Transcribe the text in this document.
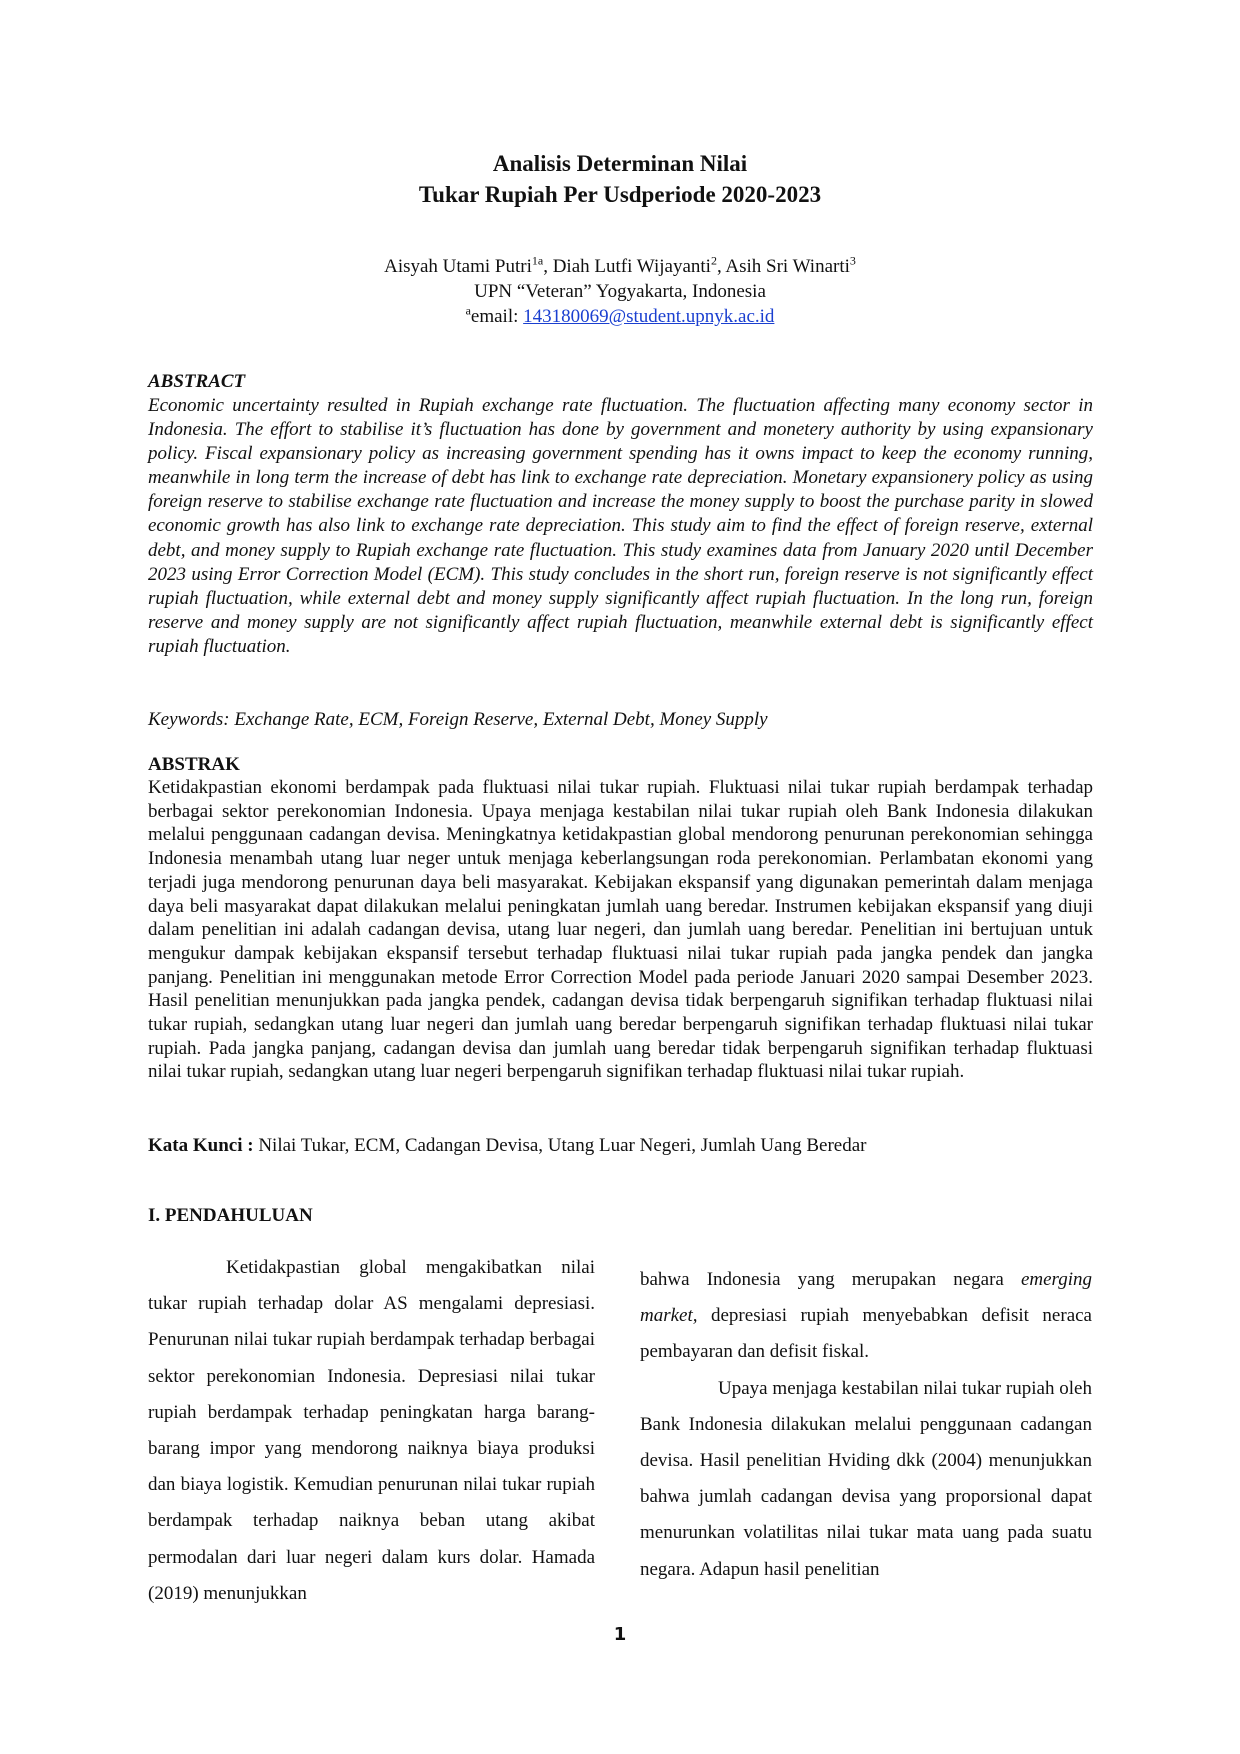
Analisis Determinan Nilai
Tukar Rupiah Per Usdperiode 2020-2023
Aisyah Utami Putri$^{1a}$, Diah Lutfi Wijayanti$^2$, Asih Sri Winarti$^3$
UPN “Veteran” Yogyakarta, Indonesia
$^a$email: 143180069@student.upnyk.ac.id
ABSTRACT
Economic uncertainty resulted in Rupiah exchange rate fluctuation. The fluctuation affecting many economy sector in Indonesia. The effort to stabilise it’s fluctuation has done by government and monetery authority by using expansionary policy. Fiscal expansionary policy as increasing government spending has it owns impact to keep the economy running, meanwhile in long term the increase of debt has link to exchange rate depreciation. Monetary expansionery policy as using foreign reserve to stabilise exchange rate fluctuation and increase the money supply to boost the purchase parity in slowed economic growth has also link to exchange rate depreciation. This study aim to find the effect of foreign reserve, external debt, and money supply to Rupiah exchange rate fluctuation. This study examines data from January 2020 until December 2023 using Error Correction Model (ECM). This study concludes in the short run, foreign reserve is not significantly effect rupiah fluctuation, while external debt and money supply significantly affect rupiah fluctuation. In the long run, foreign reserve and money supply are not significantly affect rupiah fluctuation, meanwhile external debt is significantly effect rupiah fluctuation.
Keywords: Exchange Rate, ECM, Foreign Reserve, External Debt, Money Supply
ABSTRAK
Ketidakpastian ekonomi berdampak pada fluktuasi nilai tukar rupiah. Fluktuasi nilai tukar rupiah berdampak terhadap berbagai sektor perekonomian Indonesia. Upaya menjaga kestabilan nilai tukar rupiah oleh Bank Indonesia dilakukan melalui penggunaan cadangan devisa. Meningkatnya ketidakpastian global mendorong penurunan perekonomian sehingga Indonesia menambah utang luar neger untuk menjaga keberlangsungan roda perekonomian. Perlambatan ekonomi yang terjadi juga mendorong penurunan daya beli masyarakat. Kebijakan ekspansif yang digunakan pemerintah dalam menjaga daya beli masyarakat dapat dilakukan melalui peningkatan jumlah uang beredar. Instrumen kebijakan ekspansif yang diuji dalam penelitian ini adalah cadangan devisa, utang luar negeri, dan jumlah uang beredar. Penelitian ini bertujuan untuk mengukur dampak kebijakan ekspansif tersebut terhadap fluktuasi nilai tukar rupiah pada jangka pendek dan jangka panjang. Penelitian ini menggunakan metode Error Correction Model pada periode Januari 2020 sampai Desember 2023. Hasil penelitian menunjukkan pada jangka pendek, cadangan devisa tidak berpengaruh signifikan terhadap fluktuasi nilai tukar rupiah, sedangkan utang luar negeri dan jumlah uang beredar berpengaruh signifikan terhadap fluktuasi nilai tukar rupiah. Pada jangka panjang, cadangan devisa dan jumlah uang beredar tidak berpengaruh signifikan terhadap fluktuasi nilai tukar rupiah, sedangkan utang luar negeri berpengaruh signifikan terhadap fluktuasi nilai tukar rupiah.
Kata Kunci : Nilai Tukar, ECM, Cadangan Devisa, Utang Luar Negeri, Jumlah Uang Beredar
I. PENDAHULUAN

Ketidakpastian global mengakibatkan nilai tukar rupiah terhadap dolar AS mengalami depresiasi. Penurunan nilai tukar rupiah berdampak terhadap berbagai sektor perekonomian Indonesia. Depresiasi nilai tukar rupiah berdampak terhadap peningkatan harga barang-barang impor yang mendorong naiknya biaya produksi dan biaya logistik. Kemudian penurunan nilai tukar rupiah berdampak terhadap naiknya beban utang akibat permodalan dari luar negeri dalam kurs dolar. Hamada (2019) menunjukkan

bahwa Indonesia yang merupakan negara emerging market, depresiasi rupiah menyebabkan defisit neraca pembayaran dan defisit fiskal.

Upaya menjaga kestabilan nilai tukar rupiah oleh Bank Indonesia dilakukan melalui penggunaan cadangan devisa. Hasil penelitian Hviding dkk (2004) menunjukkan bahwa jumlah cadangan devisa yang proporsional dapat menurunkan volatilitas nilai tukar mata uang pada suatu negara. Adapun hasil penelitian

1
